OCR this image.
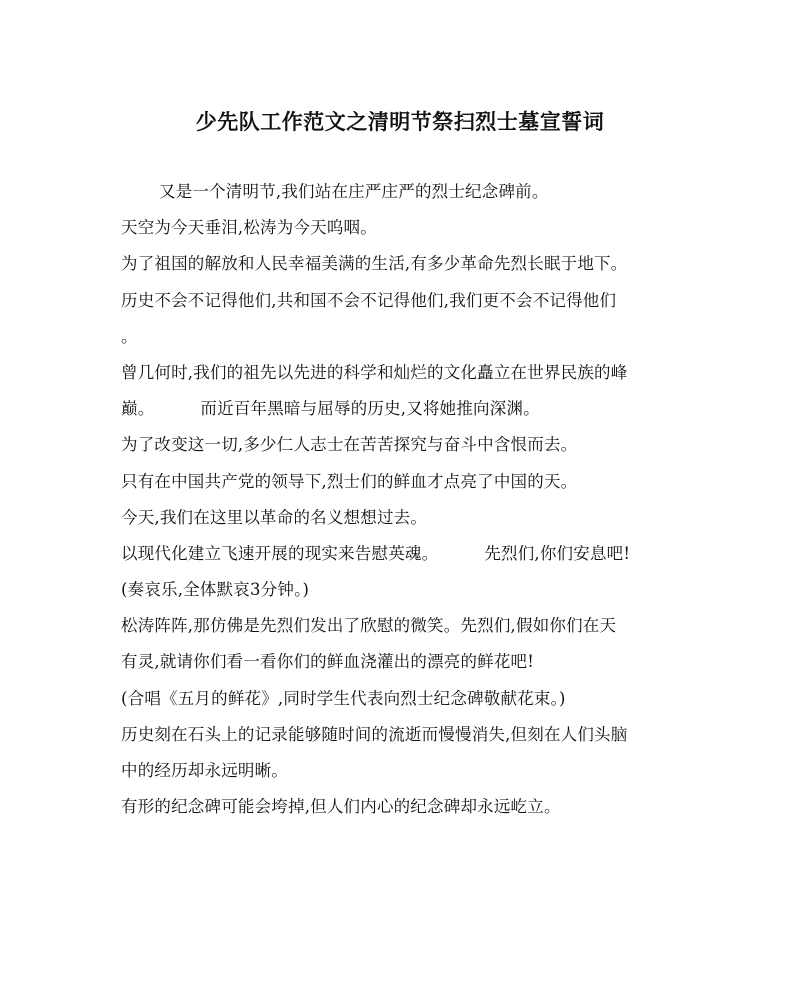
少先队工作范文之清明节祭扫烈士墓宣誓词
又是一个清明节,我们站在庄严庄严的烈士纪念碑前。
天空为今天垂泪,松涛为今天呜咽。
为了祖国的解放和人民幸福美满的生活,有多少革命先烈长眠于地下。
历史不会不记得他们,共和国不会不记得他们,我们更不会不记得他们
。
曾几何时,我们的祖先以先进的科学和灿烂的文化矗立在世界民族的峰
巅。	而近百年黑暗与屈辱的历史,又将她推向深渊。
为了改变这一切,多少仁人志士在苦苦探究与奋斗中含恨而去。
只有在中国共产党的领导下,烈士们的鲜血才点亮了中国的天。
今天,我们在这里以革命的名义想想过去。
以现代化建立飞速开展的现实来告慰英魂。	先烈们,你们安息吧!
(奏哀乐,全体默哀3分钟。)
松涛阵阵,那仿佛是先烈们发出了欣慰的微笑。先烈们,假如你们在天
有灵,就请你们看一看你们的鲜血浇灌出的漂亮的鲜花吧!
(合唱《五月的鲜花》,同时学生代表向烈士纪念碑敬献花束。)
历史刻在石头上的记录能够随时间的流逝而慢慢消失,但刻在人们头脑
中的经历却永远明晰。
有形的纪念碑可能会垮掉,但人们内心的纪念碑却永远屹立。
